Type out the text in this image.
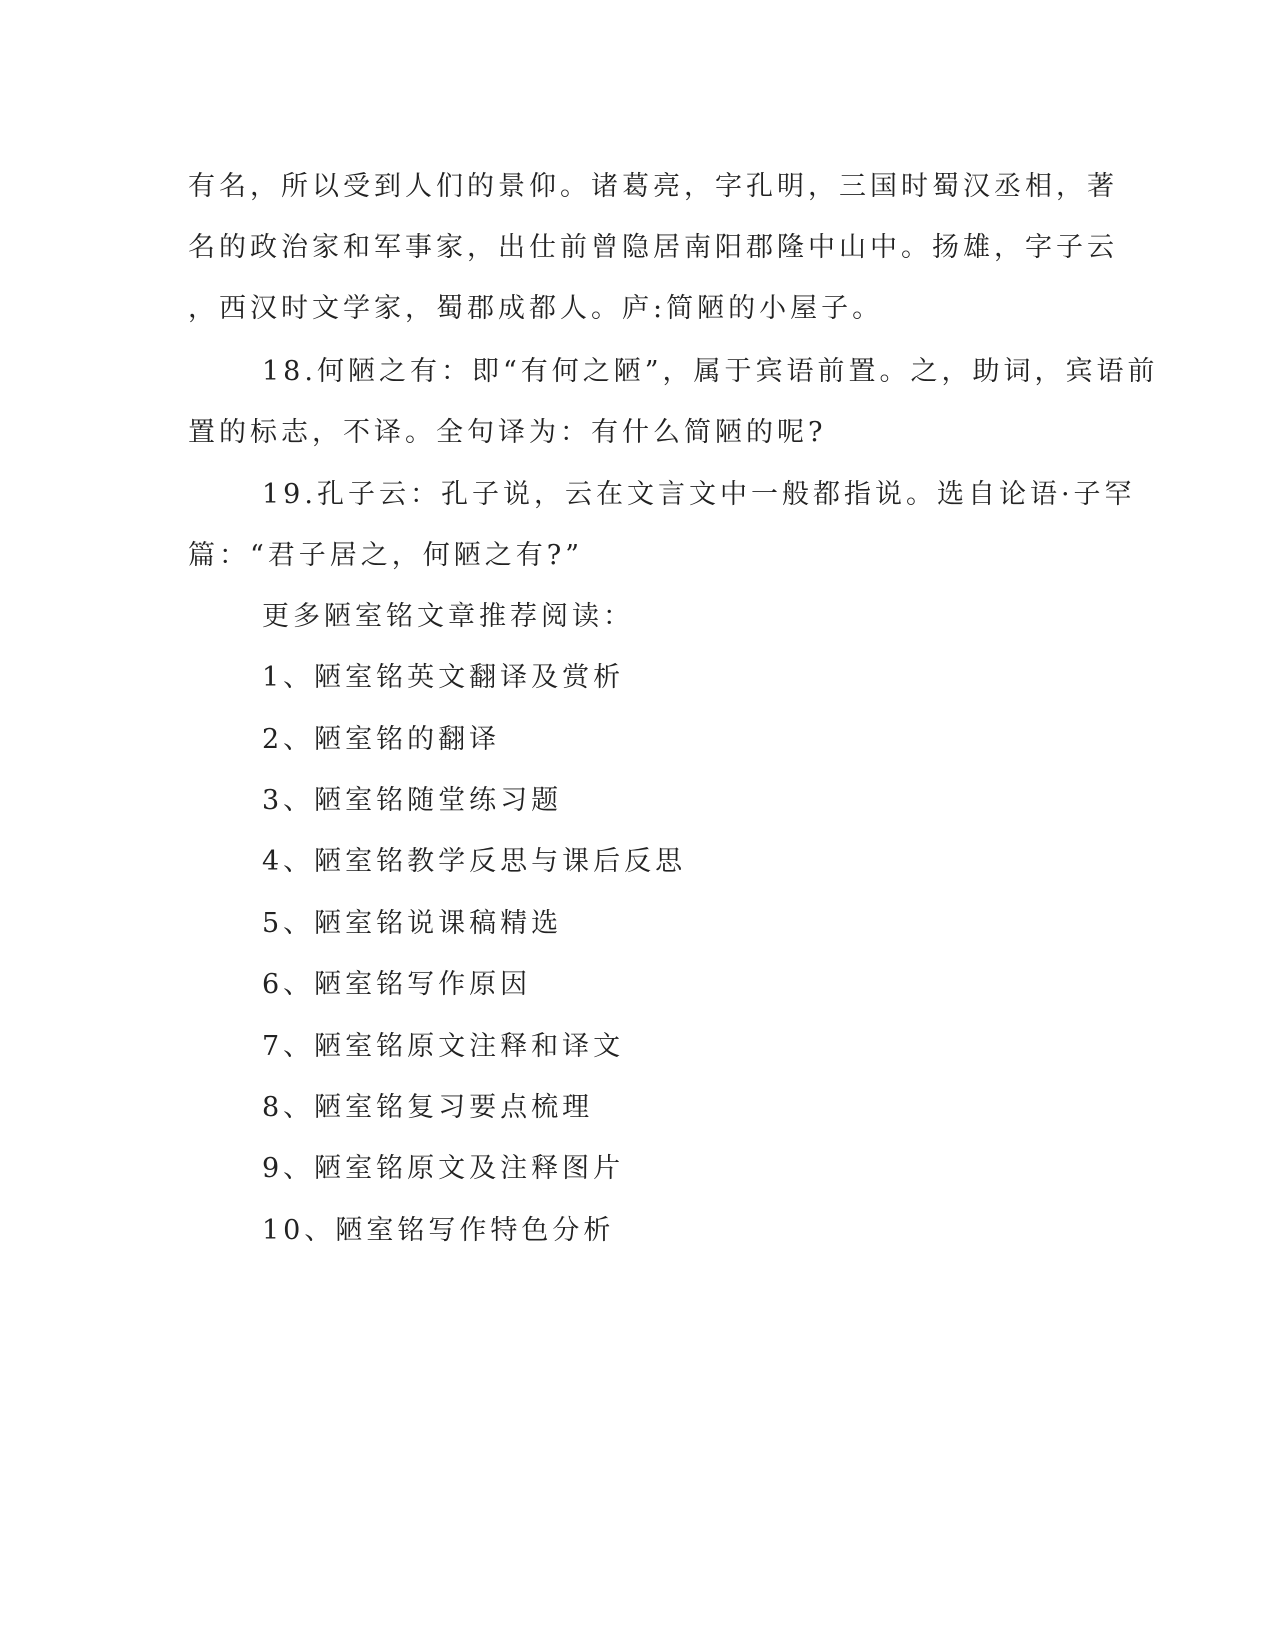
有名，所以受到人们的景仰。诸葛亮，字孔明，三国时蜀汉丞相，著
名的政治家和军事家，出仕前曾隐居南阳郡隆中山中。扬雄，字子云
，西汉时文学家，蜀郡成都人。庐:简陋的小屋子。
18.何陋之有：即“有何之陋”，属于宾语前置。之，助词，宾语前
置的标志，不译。全句译为：有什么简陋的呢?
19.孔子云：孔子说，云在文言文中一般都指说。选自论语·子罕
篇：“君子居之，何陋之有?”
更多陋室铭文章推荐阅读：
1、陋室铭英文翻译及赏析
2、陋室铭的翻译
3、陋室铭随堂练习题
4、陋室铭教学反思与课后反思
5、陋室铭说课稿精选
6、陋室铭写作原因
7、陋室铭原文注释和译文
8、陋室铭复习要点梳理
9、陋室铭原文及注释图片
10、陋室铭写作特色分析
